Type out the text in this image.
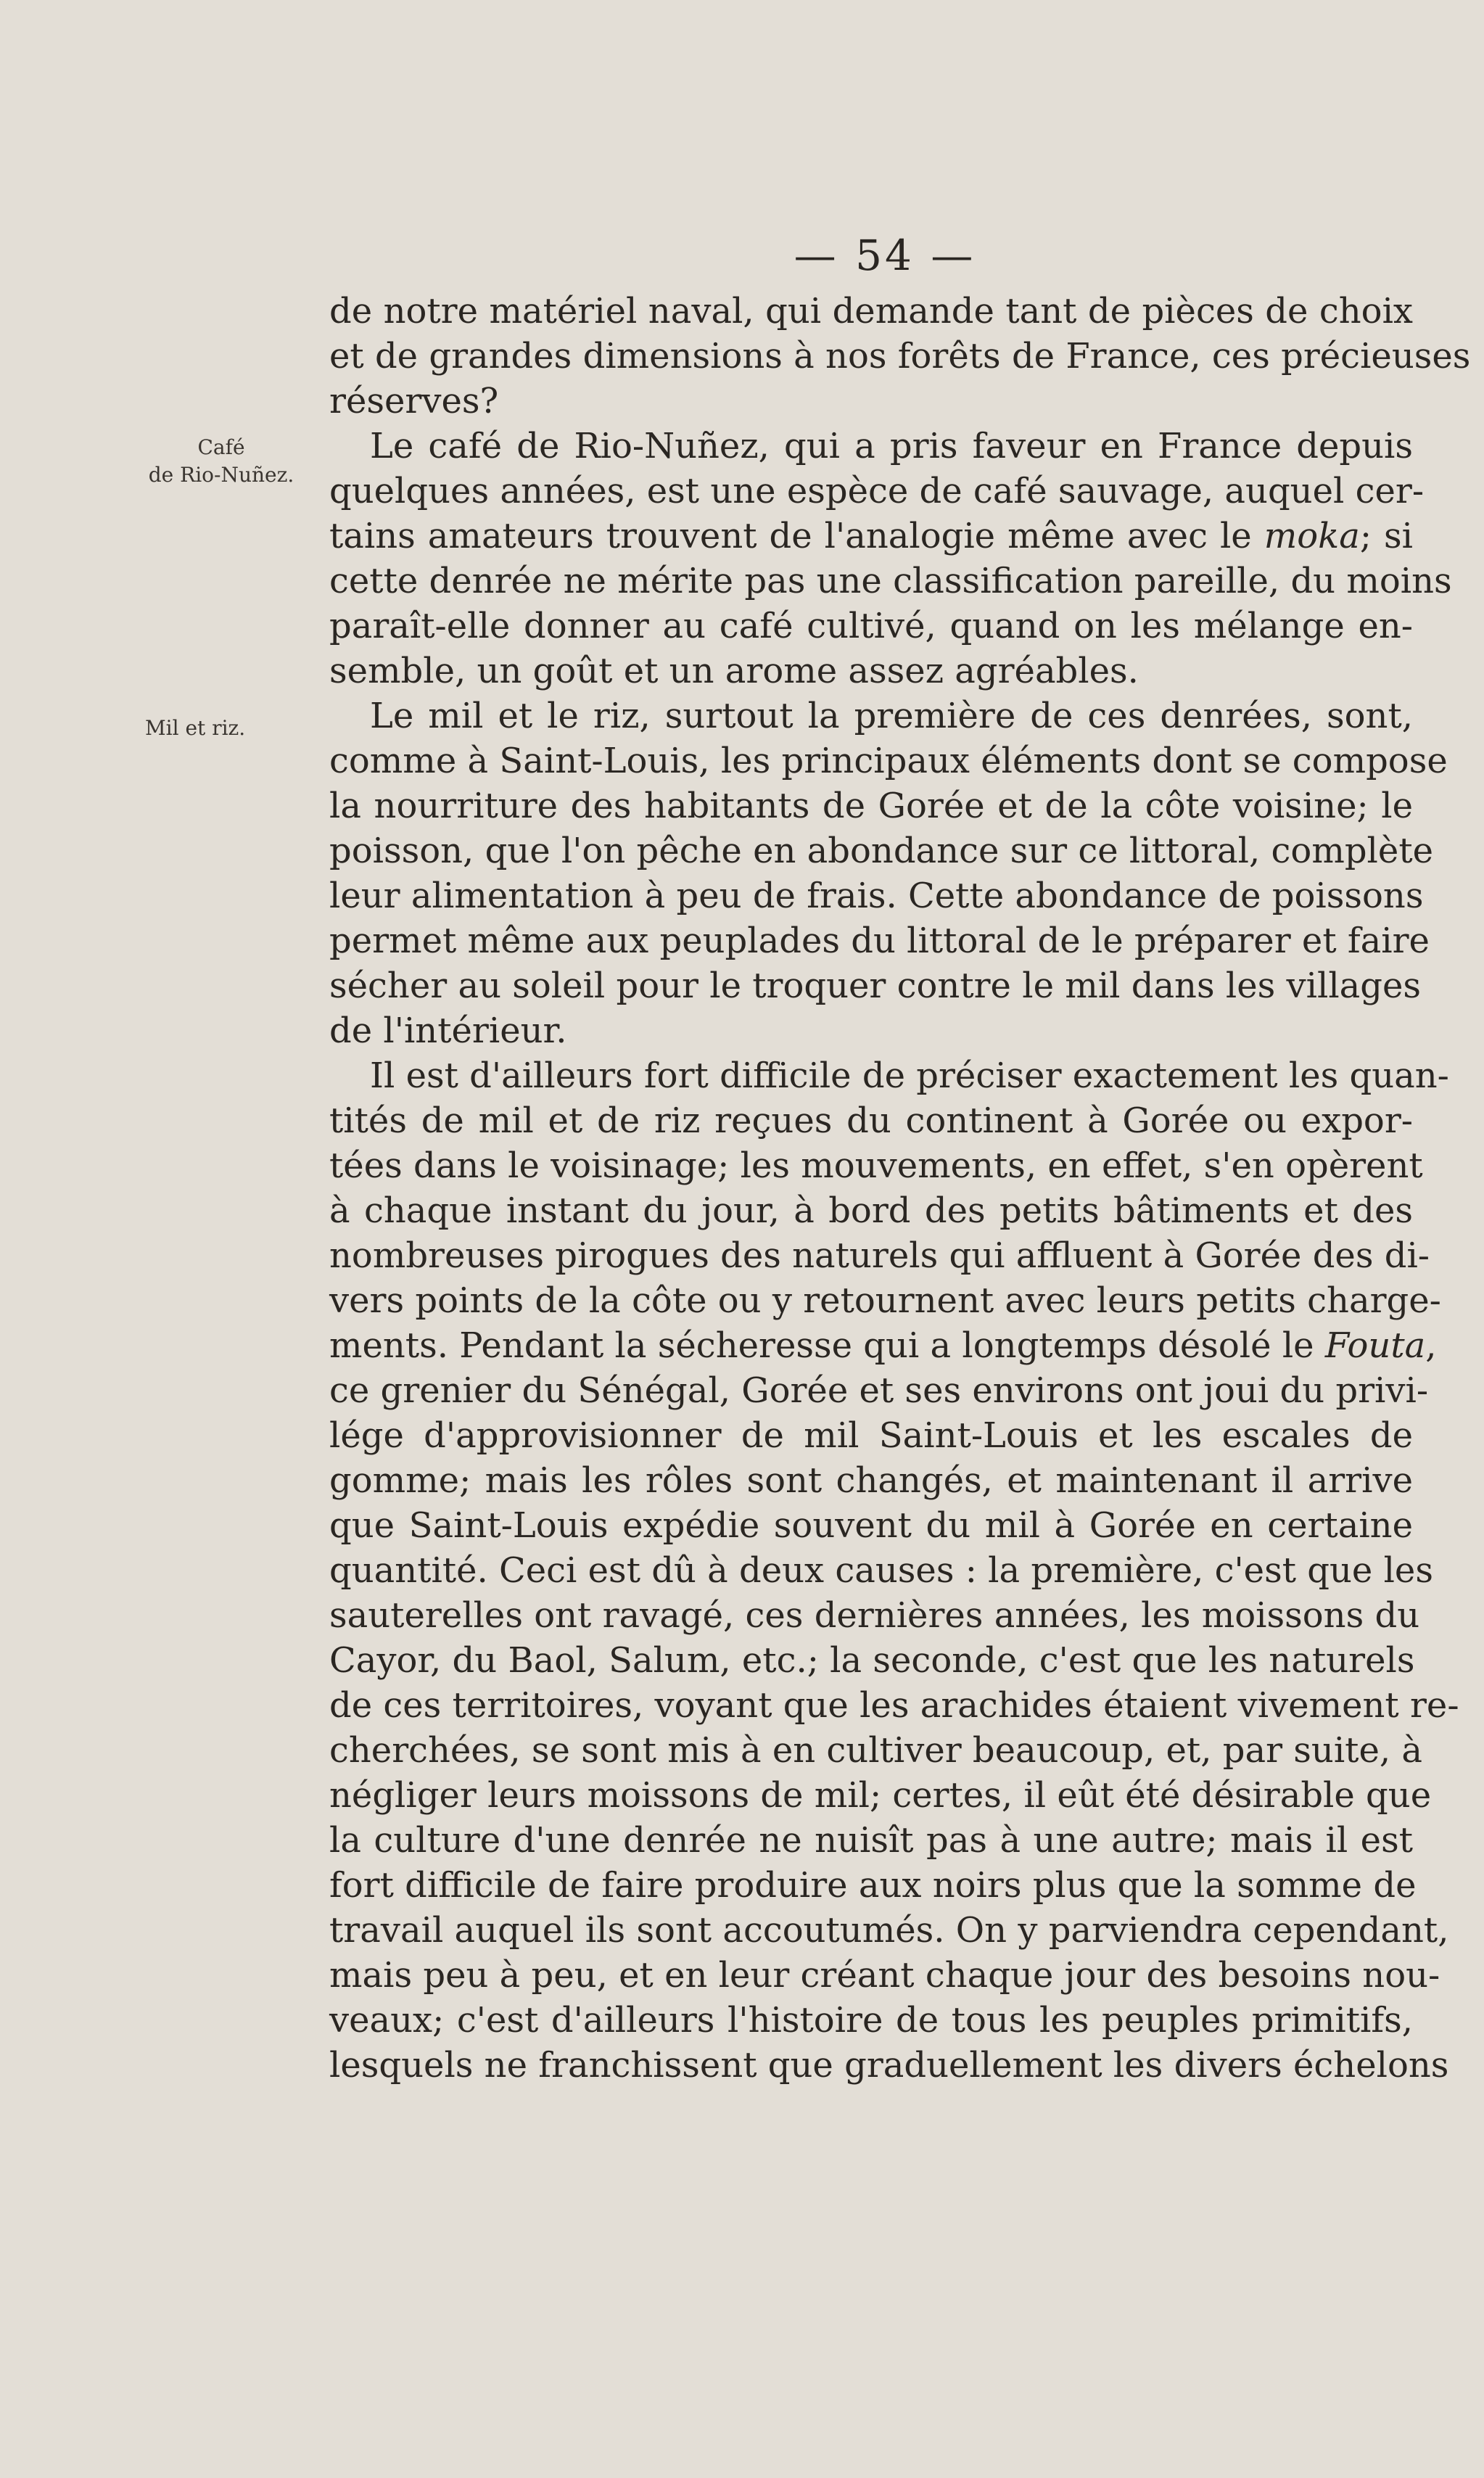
— 54 —
Café
de Rio-Nuñez.
Mil et riz.
de notre matériel naval, qui demande tant de pièces de choix
et de grandes dimensions à nos forêts de France, ces précieuses
réserves?
Le café de Rio-Nuñez, qui a pris faveur en France depuis
quelques années, est une espèce de café sauvage, auquel cer-
tains amateurs trouvent de l'analogie même avec le moka; si
cette denrée ne mérite pas une classification pareille, du moins
paraît-elle donner au café cultivé, quand on les mélange en-
semble, un goût et un arome assez agréables.
Le mil et le riz, surtout la première de ces denrées, sont,
comme à Saint-Louis, les principaux éléments dont se compose
la nourriture des habitants de Gorée et de la côte voisine; le
poisson, que l'on pêche en abondance sur ce littoral, complète
leur alimentation à peu de frais. Cette abondance de poissons
permet même aux peuplades du littoral de le préparer et faire
sécher au soleil pour le troquer contre le mil dans les villages
de l'intérieur.
Il est d'ailleurs fort difficile de préciser exactement les quan-
tités de mil et de riz reçues du continent à Gorée ou expor-
tées dans le voisinage; les mouvements, en effet, s'en opèrent
à chaque instant du jour, à bord des petits bâtiments et des
nombreuses pirogues des naturels qui affluent à Gorée des di-
vers points de la côte ou y retournent avec leurs petits charge-
ments. Pendant la sécheresse qui a longtemps désolé le Fouta,
ce grenier du Sénégal, Gorée et ses environs ont joui du privi-
lége d'approvisionner de mil Saint-Louis et les escales de
gomme; mais les rôles sont changés, et maintenant il arrive
que Saint-Louis expédie souvent du mil à Gorée en certaine
quantité. Ceci est dû à deux causes : la première, c'est que les
sauterelles ont ravagé, ces dernières années, les moissons du
Cayor, du Baol, Salum, etc.; la seconde, c'est que les naturels
de ces territoires, voyant que les arachides étaient vivement re-
cherchées, se sont mis à en cultiver beaucoup, et, par suite, à
négliger leurs moissons de mil; certes, il eût été désirable que
la culture d'une denrée ne nuisît pas à une autre; mais il est
fort difficile de faire produire aux noirs plus que la somme de
travail auquel ils sont accoutumés. On y parviendra cependant,
mais peu à peu, et en leur créant chaque jour des besoins nou-
veaux; c'est d'ailleurs l'histoire de tous les peuples primitifs,
lesquels ne franchissent que graduellement les divers échelons
